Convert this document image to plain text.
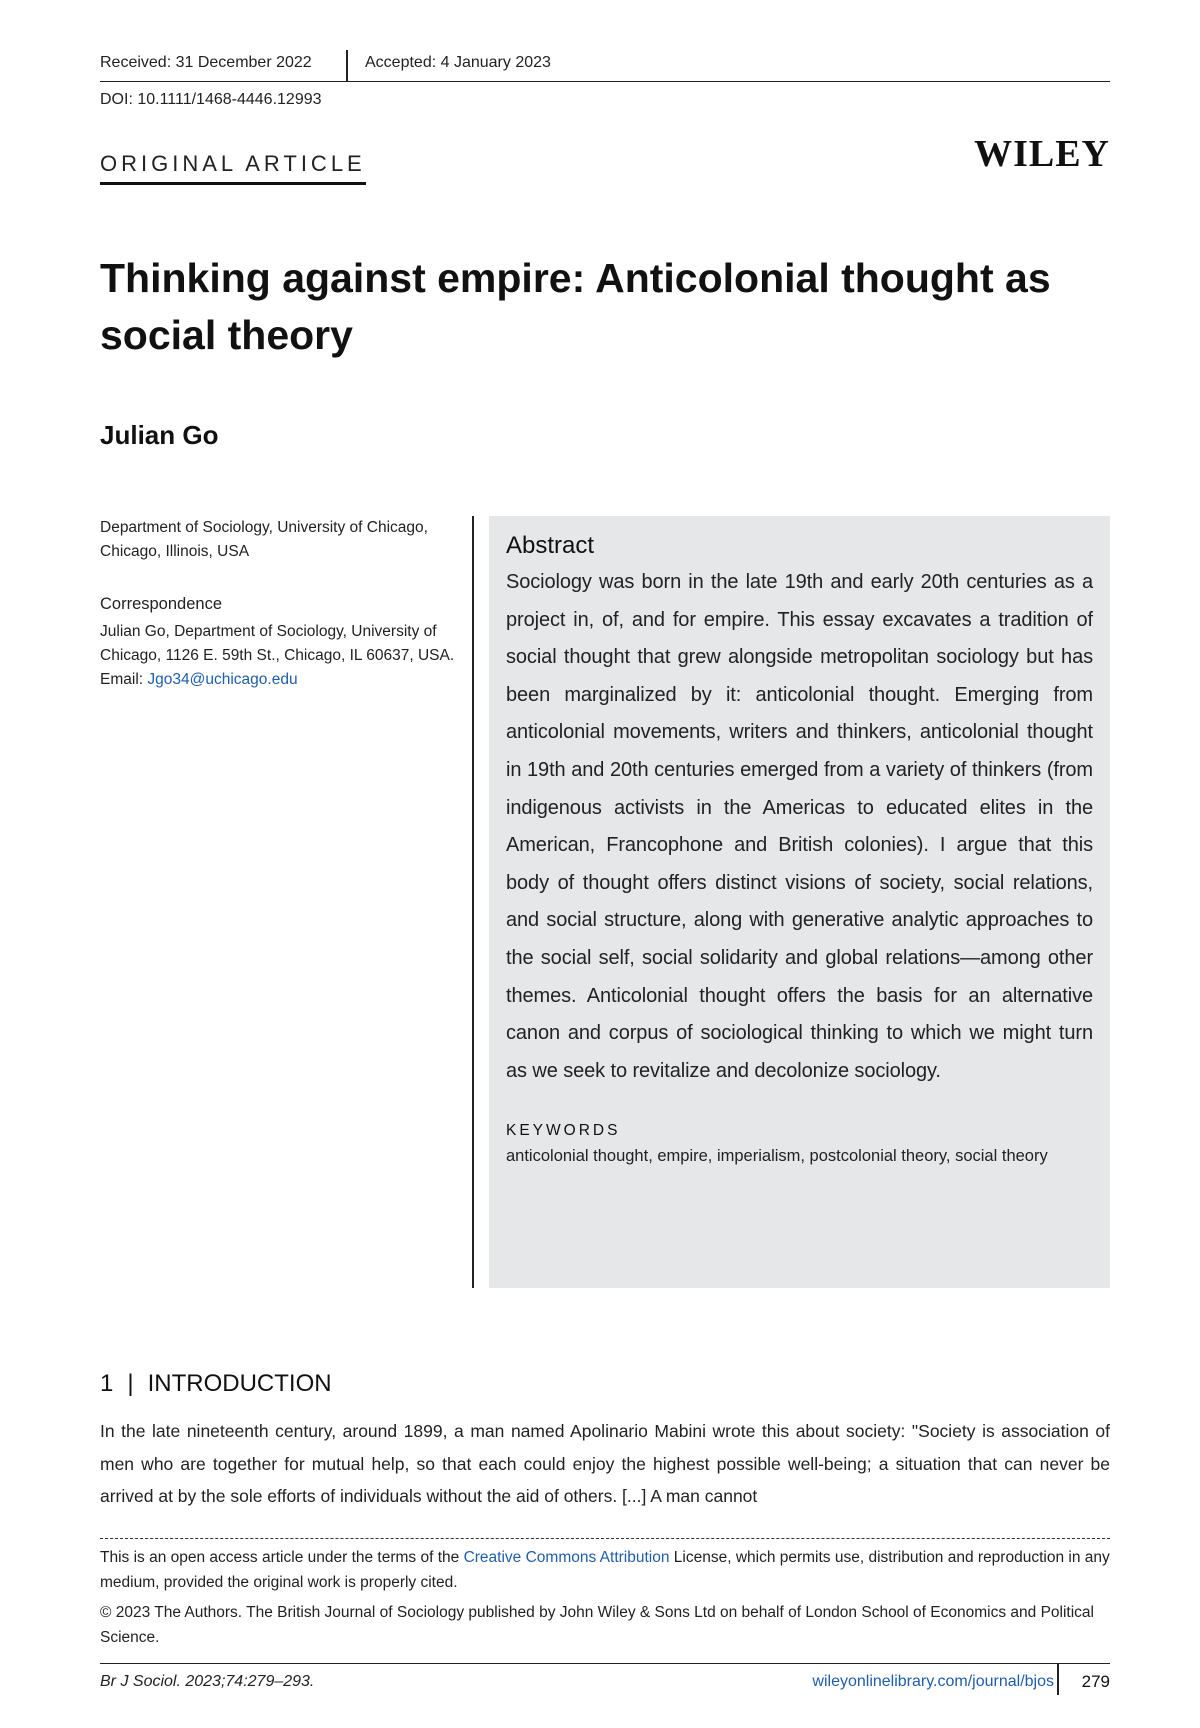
Received: 31 December 2022	Accepted: 4 January 2023
DOI: 10.1111/1468-4446.12993
ORIGINAL ARTICLE	WILEY
Thinking against empire: Anticolonial thought as social theory
Julian Go

Department of Sociology, University of Chicago, Chicago, Illinois, USA

Correspondence

Julian Go, Department of Sociology, University of Chicago, 1126 E. 59th St., Chicago, IL 60637, USA.
Email: Jgo34@uchicago.edu

Abstract

Sociology was born in the late 19th and early 20th centuries as a project in, of, and for empire. This essay excavates a tradition of social thought that grew alongside metropolitan sociology but has been marginalized by it: anticolonial thought. Emerging from anticolonial movements, writers and thinkers, anticolonial thought in 19th and 20th centuries emerged from a variety of thinkers (from indigenous activists in the Americas to educated elites in the American, Francophone and British colonies). I argue that this body of thought offers distinct visions of society, social relations, and social structure, along with generative analytic approaches to the social self, social solidarity and global relations—among other themes. Anticolonial thought offers the basis for an alternative canon and corpus of sociological thinking to which we might turn as we seek to revitalize and decolonize sociology.

KEYWORDS

anticolonial thought, empire, imperialism, postcolonial theory, social theory

1 | INTRODUCTION

In the late nineteenth century, around 1899, a man named Apolinario Mabini wrote this about society: "Society is association of men who are together for mutual help, so that each could enjoy the highest possible well-being; a situation that can never be arrived at by the sole efforts of individuals without the aid of others. [...] A man cannot

This is an open access article under the terms of the Creative Commons Attribution License, which permits use, distribution and reproduction in any medium, provided the original work is properly cited.

© 2023 The Authors. The British Journal of Sociology published by John Wiley & Sons Ltd on behalf of London School of Economics and Political Science.

Br J Sociol. 2023;74:279–293.	wileyonlinelibrary.com/journal/bjos 279
